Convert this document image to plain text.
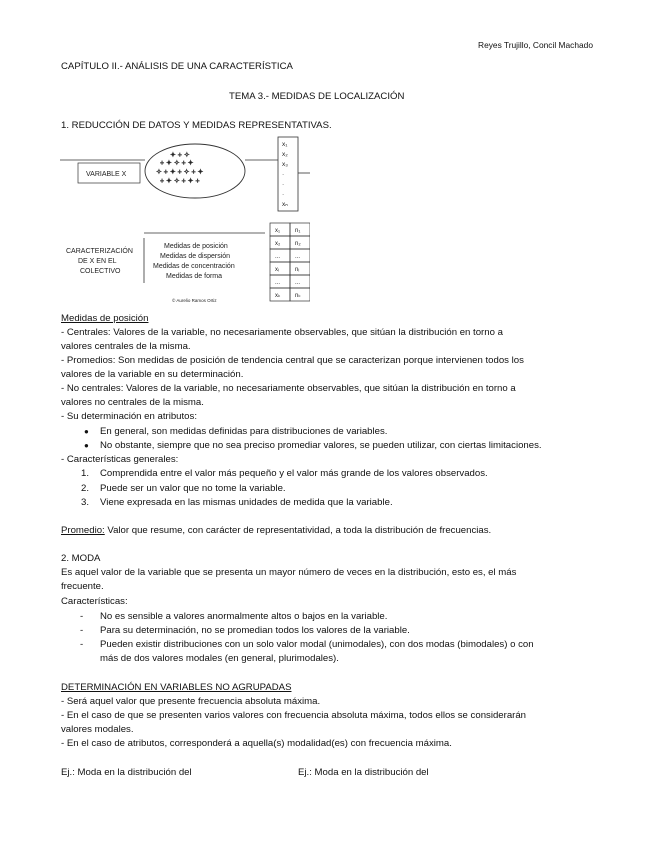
Reyes Trujillo, Concil Machado
CAPÍTULO II.- ANÁLISIS DE UNA CARACTERÍSTICA
TEMA 3.- MEDIDAS DE LOCALIZACIÓN
1. REDUCCIÓN DE DATOS Y MEDIDAS REPRESENTATIVAS.
+ ✦ ✧ + ✦
✧ + ✦ + ✧ + ✦
+ ✦ ✧ + ✦ +
✦ + ✧
VARIABLE X
x₁
x₂
x₃
·
·
·
xₙ
CARACTERIZACIÓN
DE X EN EL
COLECTIVO
Medidas de posición
Medidas de dispersión
Medidas de concentración
Medidas de forma
© Aurelio Ramos Ortiz
x₁ n₁
x₂ n₂
... ...
xᵢ	nᵢ
... ...
xₖ nₖ
Medidas de posición
- Centrales: Valores de la variable, no necesariamente observables, que sitúan la distribución en torno a
valores centrales de la misma.
- Promedios: Son medidas de posición de tendencia central que se caracterizan porque intervienen todos los
valores de la variable en su determinación.
- No centrales: Valores de la variable, no necesariamente observables, que sitúan la distribución en torno a
valores no centrales de la misma.
- Su determinación en atributos:
● En general, son medidas definidas para distribuciones de variables.
● No obstante, siempre que no sea preciso promediar valores, se pueden utilizar, con ciertas limitaciones.
- Características generales:
1. Comprendida entre el valor más pequeño y el valor más grande de los valores observados.
2. Puede ser un valor que no tome la variable.
3. Viene expresada en las mismas unidades de medida que la variable.
Promedio: Valor que resume, con carácter de representatividad, a toda la distribución de frecuencias.
2. MODA
Es aquel valor de la variable que se presenta un mayor número de veces en la distribución, esto es, el más
frecuente.
Características:
- No es sensible a valores anormalmente altos o bajos en la variable.
- Para su determinación, no se promedian todos los valores de la variable.
- Pueden existir distribuciones con un solo valor modal (unimodales), con dos modas (bimodales) o con
más de dos valores modales (en general, plurimodales).
DETERMINACIÓN EN VARIABLES NO AGRUPADAS
- Será aquel valor que presente frecuencia absoluta máxima.
- En el caso de que se presenten varios valores con frecuencia absoluta máxima, todos ellos se considerarán
valores modales.
- En el caso de atributos, corresponderá a aquella(s) modalidad(es) con frecuencia máxima.
Ej.: Moda en la distribución del	Ej.: Moda en la distribución del
